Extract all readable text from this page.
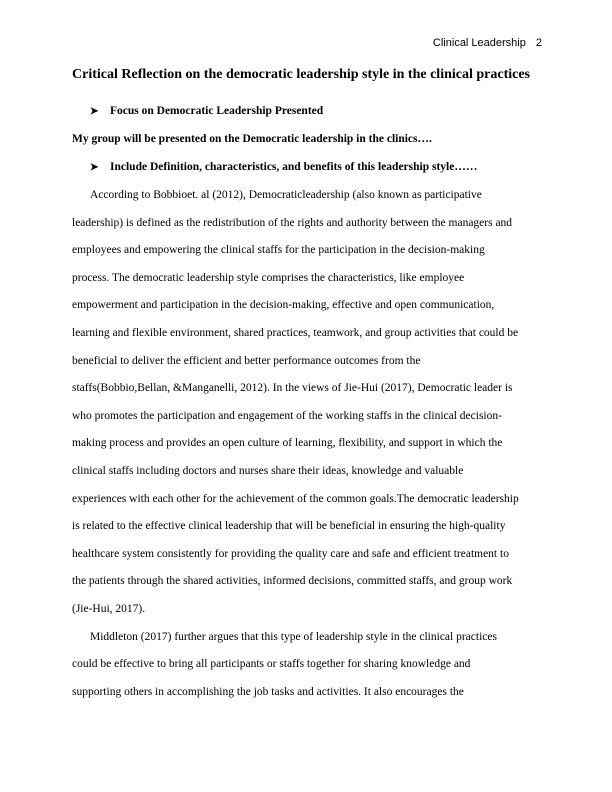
Clinical Leadership 2
Critical Reflection on the democratic leadership style in the clinical practices
➤ Focus on Democratic Leadership Presented
My group will be presented on the Democratic leadership in the clinics….
➤ Include Definition, characteristics, and benefits of this leadership style……
According to Bobbioet. al (2012), Democraticleadership (also known as participative
leadership) is defined as the redistribution of the rights and authority between the managers and
employees and empowering the clinical staffs for the participation in the decision-making
process. The democratic leadership style comprises the characteristics, like employee
empowerment and participation in the decision-making, effective and open communication,
learning and flexible environment, shared practices, teamwork, and group activities that could be
beneficial to deliver the efficient and better performance outcomes from the
staffs(Bobbio,Bellan, &Manganelli, 2012). In the views of Jie-Hui (2017), Democratic leader is
who promotes the participation and engagement of the working staffs in the clinical decision-
making process and provides an open culture of learning, flexibility, and support in which the
clinical staffs including doctors and nurses share their ideas, knowledge and valuable
experiences with each other for the achievement of the common goals.The democratic leadership
is related to the effective clinical leadership that will be beneficial in ensuring the high-quality
healthcare system consistently for providing the quality care and safe and efficient treatment to
the patients through the shared activities, informed decisions, committed staffs, and group work
(Jie-Hui, 2017).
Middleton (2017) further argues that this type of leadership style in the clinical practices
could be effective to bring all participants or staffs together for sharing knowledge and
supporting others in accomplishing the job tasks and activities. It also encourages the
